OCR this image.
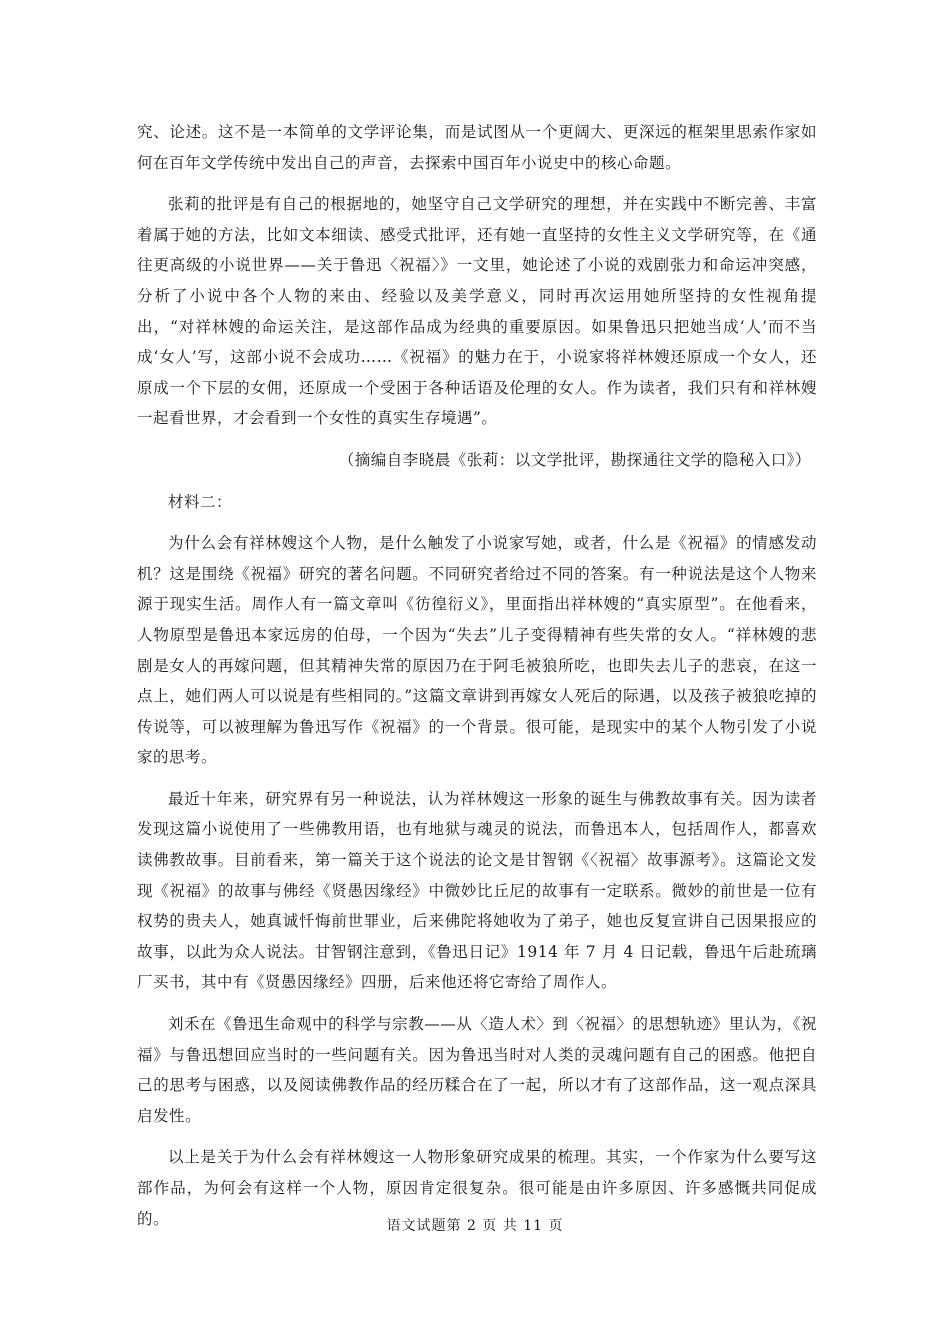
究、论述。这不是一本简单的文学评论集，而是试图从一个更阔大、更深远的框架里思索作家如何在百年文学传统中发出自己的声音，去探索中国百年小说史中的核心命题。

张莉的批评是有自己的根据地的，她坚守自己文学研究的理想，并在实践中不断完善、丰富着属于她的方法，比如文本细读、感受式批评，还有她一直坚持的女性主义文学研究等，在《通往更高级的小说世界——关于鲁迅〈祝福〉》一文里，她论述了小说的戏剧张力和命运冲突感，分析了小说中各个人物的来由、经验以及美学意义，同时再次运用她所坚持的女性视角提出，“对祥林嫂的命运关注，是这部作品成为经典的重要原因。如果鲁迅只把她当成‘人’而不当成‘女人’写，这部小说不会成功……《祝福》的魅力在于，小说家将祥林嫂还原成一个女人，还原成一个下层的女佣，还原成一个受困于各种话语及伦理的女人。作为读者，我们只有和祥林嫂一起看世界，才会看到一个女性的真实生存境遇”。

（摘编自李晓晨《张莉：以文学批评，勘探通往文学的隐秘入口》）

材料二：

为什么会有祥林嫂这个人物，是什么触发了小说家写她，或者，什么是《祝福》的情感发动机？这是围绕《祝福》研究的著名问题。不同研究者给过不同的答案。有一种说法是这个人物来源于现实生活。周作人有一篇文章叫《彷徨衍义》，里面指出祥林嫂的“真实原型”。在他看来，人物原型是鲁迅本家远房的伯母，一个因为“失去”儿子变得精神有些失常的女人。“祥林嫂的悲剧是女人的再嫁问题，但其精神失常的原因乃在于阿毛被狼所吃，也即失去儿子的悲哀，在这一点上，她们两人可以说是有些相同的。”这篇文章讲到再嫁女人死后的际遇，以及孩子被狼吃掉的传说等，可以被理解为鲁迅写作《祝福》的一个背景。很可能，是现实中的某个人物引发了小说家的思考。

最近十年来，研究界有另一种说法，认为祥林嫂这一形象的诞生与佛教故事有关。因为读者发现这篇小说使用了一些佛教用语，也有地狱与魂灵的说法，而鲁迅本人，包括周作人，都喜欢读佛教故事。目前看来，第一篇关于这个说法的论文是甘智钢《〈祝福〉故事源考》。这篇论文发现《祝福》的故事与佛经《贤愚因缘经》中微妙比丘尼的故事有一定联系。微妙的前世是一位有权势的贵夫人，她真诚忏悔前世罪业，后来佛陀将她收为了弟子，她也反复宣讲自己因果报应的故事，以此为众人说法。甘智钢注意到，《鲁迅日记》1914 年 7 月 4 日记载，鲁迅午后赴琉璃厂买书，其中有《贤愚因缘经》四册，后来他还将它寄给了周作人。

刘禾在《鲁迅生命观中的科学与宗教——从〈造人术〉到〈祝福〉的思想轨迹》里认为，《祝福》与鲁迅想回应当时的一些问题有关。因为鲁迅当时对人类的灵魂问题有自己的困惑。他把自己的思考与困惑，以及阅读佛教作品的经历糅合在了一起，所以才有了这部作品，这一观点深具启发性。

以上是关于为什么会有祥林嫂这一人物形象研究成果的梳理。其实，一个作家为什么要写这部作品，为何会有这样一个人物，原因肯定很复杂。很可能是由许多原因、许多感慨共同促成的。	语文试题第 2 页 共 11 页
